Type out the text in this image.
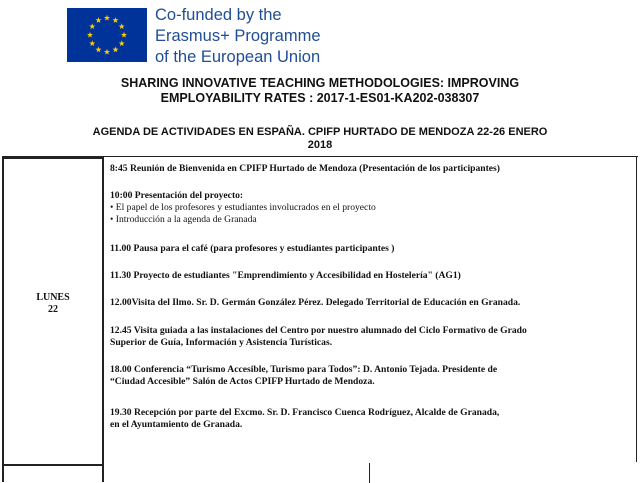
Co-funded by the
Erasmus+ Programme
of the European Union
SHARING INNOVATIVE TEACHING METHODOLOGIES: IMPROVING
EMPLOYABILITY RATES : 2017-1-ES01-KA202-038307
AGENDA DE ACTIVIDADES EN ESPAÑA. CPIFP HURTADO DE MENDOZA 22-26 ENERO
2018
LUNES
22
8:45 Reunión de Bienvenida en CPIFP Hurtado de Mendoza (Presentación de los participantes)
10:00 Presentación del proyecto:
• El papel de los profesores y estudiantes involucrados en el proyecto
• Introducción a la agenda de Granada
11.00 Pausa para el café (para profesores y estudiantes participantes )
11.30 Proyecto de estudiantes "Emprendimiento y Accesibilidad en Hostelería" (AG1)
12.00Visita del Ilmo. Sr. D. Germán González Pérez. Delegado Territorial de Educación en Granada.
12.45 Visita guiada a las instalaciones del Centro por nuestro alumnado del Ciclo Formativo de Grado
Superior de Guía, Información y Asistencia Turísticas.
18.00 Conferencia “Turismo Accesible, Turismo para Todos”: D. Antonio Tejada. Presidente de
“Ciudad Accesible” Salón de Actos CPIFP Hurtado de Mendoza.
19.30 Recepción por parte del Excmo. Sr. D. Francisco Cuenca Rodríguez, Alcalde de Granada,
en el Ayuntamiento de Granada.
